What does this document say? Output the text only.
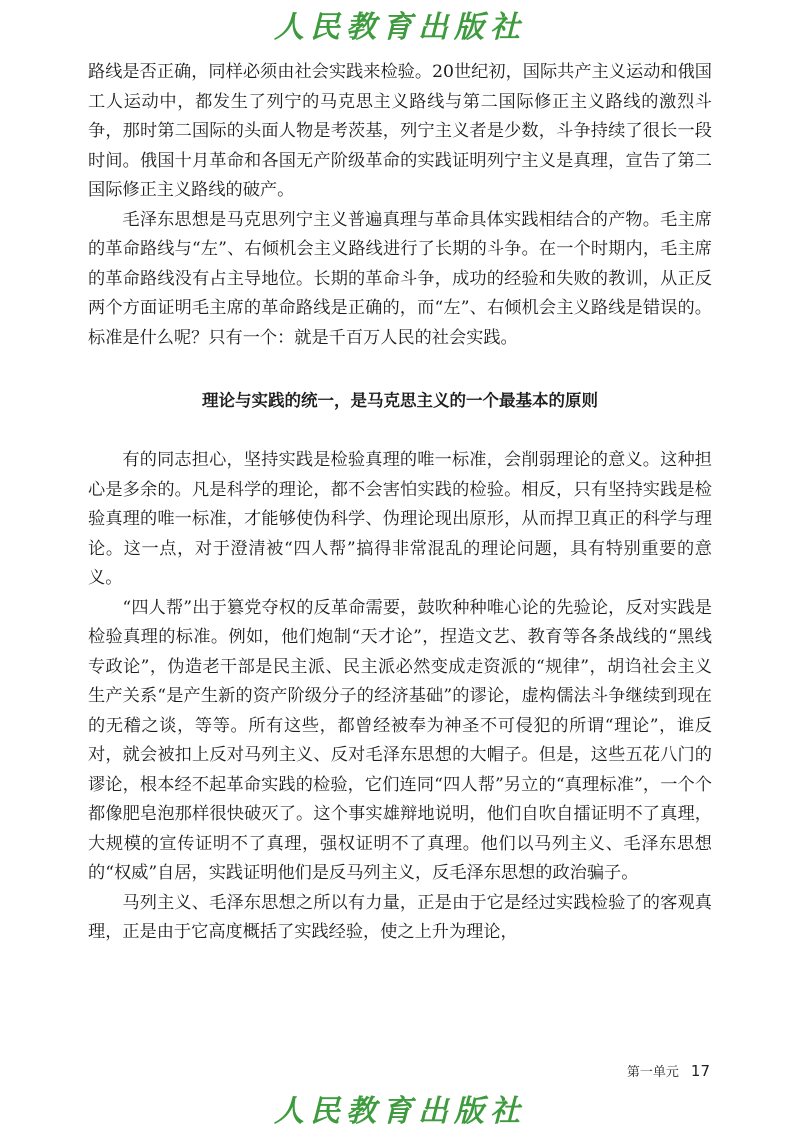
人民教育出版社

路线是否正确，同样必须由社会实践来检验。20世纪初，国际共产主义运动和俄国工人运动中，都发生了列宁的马克思主义路线与第二国际修正主义路线的激烈斗争，那时第二国际的头面人物是考茨基，列宁主义者是少数，斗争持续了很长一段时间。俄国十月革命和各国无产阶级革命的实践证明列宁主义是真理，宣告了第二国际修正主义路线的破产。

毛泽东思想是马克思列宁主义普遍真理与革命具体实践相结合的产物。毛主席的革命路线与“左”、右倾机会主义路线进行了长期的斗争。在一个时期内，毛主席的革命路线没有占主导地位。长期的革命斗争，成功的经验和失败的教训，从正反两个方面证明毛主席的革命路线是正确的，而“左”、右倾机会主义路线是错误的。标准是什么呢？只有一个：就是千百万人民的社会实践。

理论与实践的统一，是马克思主义的一个最基本的原则

有的同志担心，坚持实践是检验真理的唯一标准，会削弱理论的意义。这种担心是多余的。凡是科学的理论，都不会害怕实践的检验。相反，只有坚持实践是检验真理的唯一标准，才能够使伪科学、伪理论现出原形，从而捍卫真正的科学与理论。这一点，对于澄清被“四人帮”搞得非常混乱的理论问题，具有特别重要的意义。

“四人帮”出于篡党夺权的反革命需要，鼓吹种种唯心论的先验论，反对实践是检验真理的标准。例如，他们炮制“天才论”，捏造文艺、教育等各条战线的“黑线专政论”，伪造老干部是民主派、民主派必然变成走资派的“规律”，胡诌社会主义生产关系“是产生新的资产阶级分子的经济基础”的谬论，虚构儒法斗争继续到现在的无稽之谈，等等。所有这些，都曾经被奉为神圣不可侵犯的所谓“理论”，谁反对，就会被扣上反对马列主义、反对毛泽东思想的大帽子。但是，这些五花八门的谬论，根本经不起革命实践的检验，它们连同“四人帮”另立的“真理标准”，一个个都像肥皂泡那样很快破灭了。这个事实雄辩地说明，他们自吹自擂证明不了真理，大规模的宣传证明不了真理，强权证明不了真理。他们以马列主义、毛泽东思想的“权威”自居，实践证明他们是反马列主义，反毛泽东思想的政治骗子。

马列主义、毛泽东思想之所以有力量，正是由于它是经过实践检验了的客观真理，正是由于它高度概括了实践经验，使之上升为理论，

第一单元 17
人民教育出版社
